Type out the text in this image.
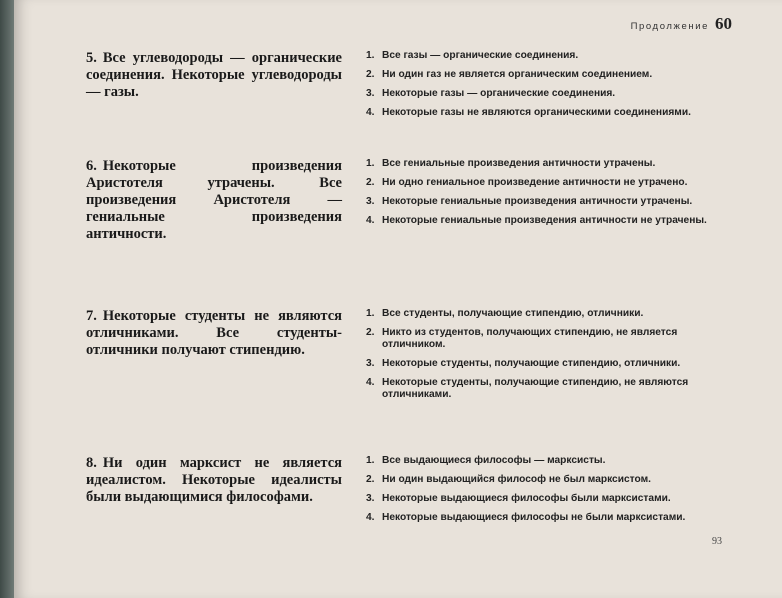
Продолжение 60
5. Все углеводороды — органические соединения. Некоторые углеводороды — газы.
1. Все газы — органические соединения.
2. Ни один газ не является органическим соединением.
3. Некоторые газы — органические соединения.
4. Некоторые газы не являются органическими соединениями.
6. Некоторые произведения Аристотеля утрачены. Все произведения Аристотеля — гениальные произведения античности.
1. Все гениальные произведения античности утрачены.
2. Ни одно гениальное произведение античности не утрачено.
3. Некоторые гениальные произведения античности утрачены.
4. Некоторые гениальные произведения античности не утрачены.
7. Некоторые студенты не являются отличниками. Все студенты-отличники получают стипендию.
1. Все студенты, получающие стипендию, отличники.
2. Никто из студентов, получающих стипендию, не является отличником.
3. Некоторые студенты, получающие стипендию, отличники.
4. Некоторые студенты, получающие стипендию, не являются отличниками.
8. Ни один марксист не является идеалистом. Некоторые идеалисты были выдающимися философами.
1. Все выдающиеся философы — марксисты.
2. Ни один выдающийся философ не был марксистом.
3. Некоторые выдающиеся философы были марксистами.
4. Некоторые выдающиеся философы не были марксистами.
93
